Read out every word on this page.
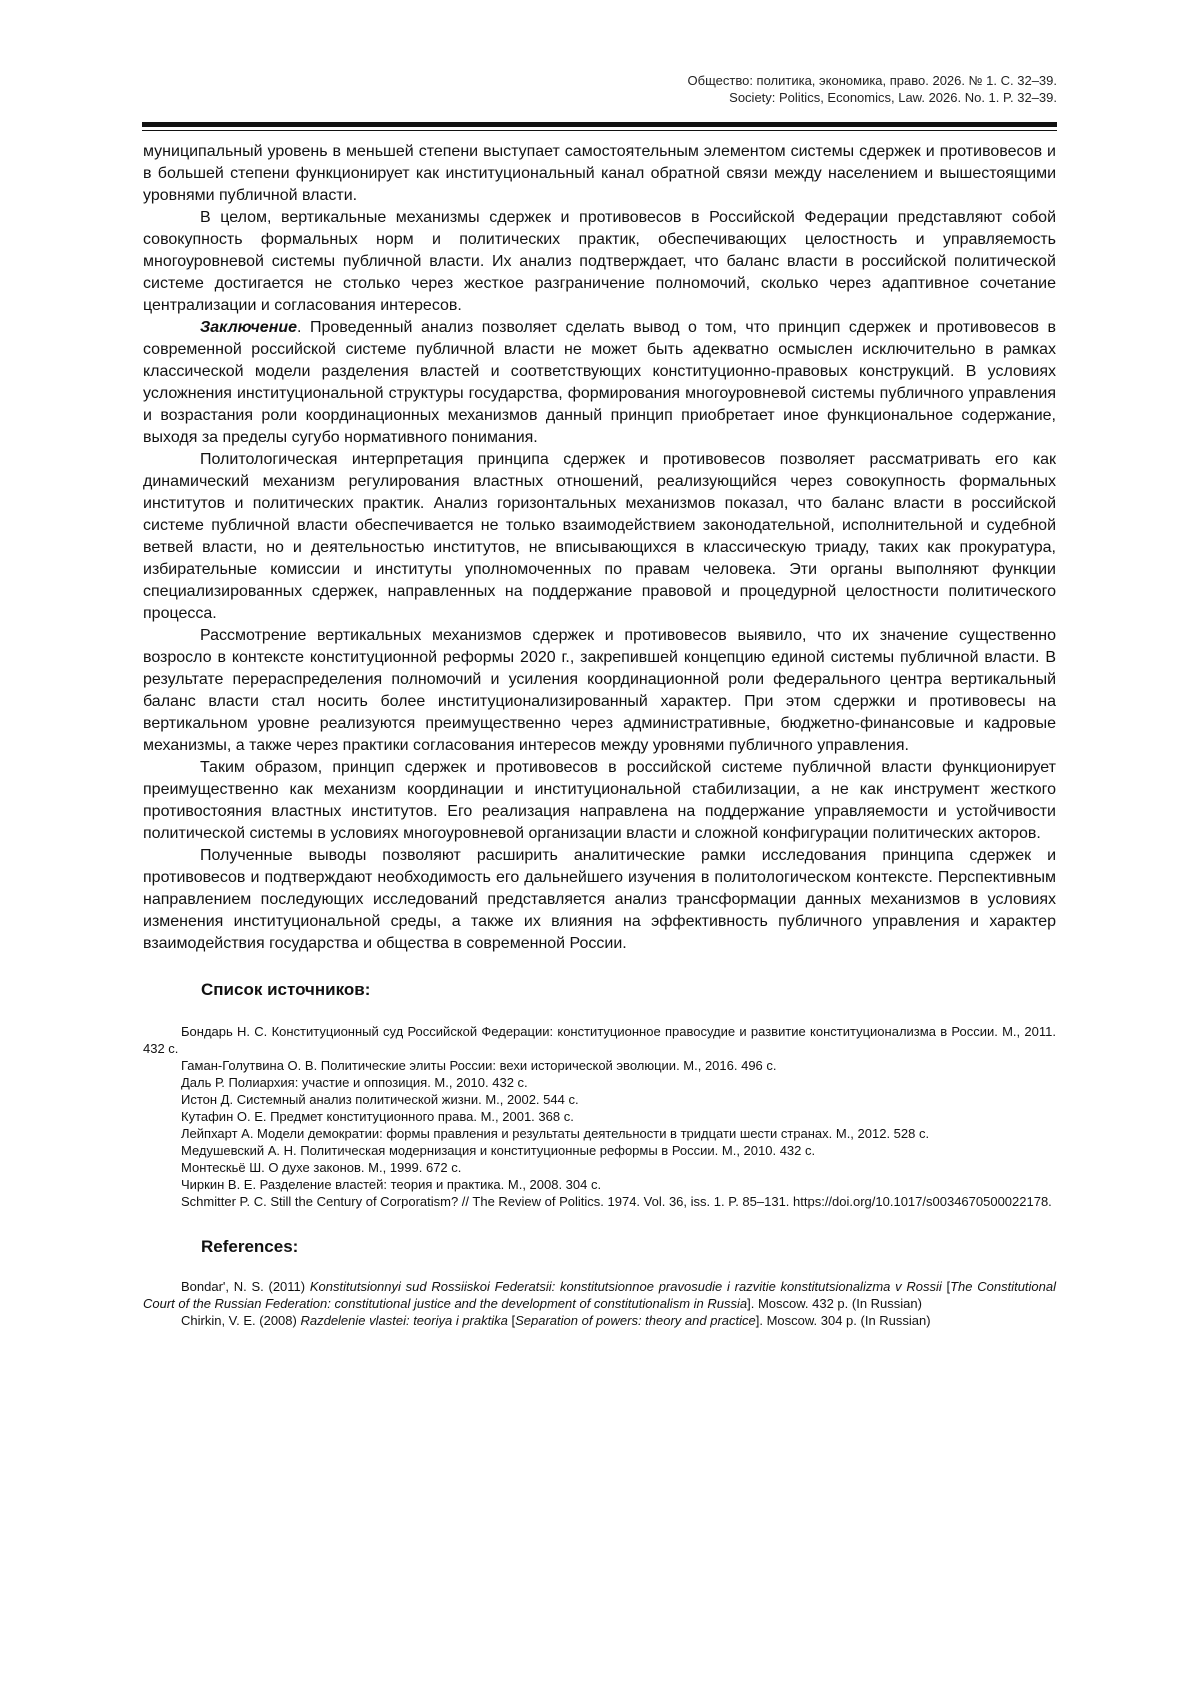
Общество: политика, экономика, право. 2026. № 1. С. 32–39.
Society: Politics, Economics, Law. 2026. No. 1. P. 32–39.

муниципальный уровень в меньшей степени выступает самостоятельным элементом системы сдержек и противовесов и в большей степени функционирует как институциональный канал обратной связи между населением и вышестоящими уровнями публичной власти.

В целом, вертикальные механизмы сдержек и противовесов в Российской Федерации представляют собой совокупность формальных норм и политических практик, обеспечивающих целостность и управляемость многоуровневой системы публичной власти. Их анализ подтверждает, что баланс власти в российской политической системе достигается не столько через жесткое разграничение полномочий, сколько через адаптивное сочетание централизации и согласования интересов.

Заключение. Проведенный анализ позволяет сделать вывод о том, что принцип сдержек и противовесов в современной российской системе публичной власти не может быть адекватно осмыслен исключительно в рамках классической модели разделения властей и соответствующих конституционно-правовых конструкций. В условиях усложнения институциональной структуры государства, формирования многоуровневой системы публичного управления и возрастания роли координационных механизмов данный принцип приобретает иное функциональное содержание, выходя за пределы сугубо нормативного понимания.

Политологическая интерпретация принципа сдержек и противовесов позволяет рассматривать его как динамический механизм регулирования властных отношений, реализующийся через совокупность формальных институтов и политических практик. Анализ горизонтальных механизмов показал, что баланс власти в российской системе публичной власти обеспечивается не только взаимодействием законодательной, исполнительной и судебной ветвей власти, но и деятельностью институтов, не вписывающихся в классическую триаду, таких как прокуратура, избирательные комиссии и институты уполномоченных по правам человека. Эти органы выполняют функции специализированных сдержек, направленных на поддержание правовой и процедурной целостности политического процесса.

Рассмотрение вертикальных механизмов сдержек и противовесов выявило, что их значение существенно возросло в контексте конституционной реформы 2020 г., закрепившей концепцию единой системы публичной власти. В результате перераспределения полномочий и усиления координационной роли федерального центра вертикальный баланс власти стал носить более институционализированный характер. При этом сдержки и противовесы на вертикальном уровне реализуются преимущественно через административные, бюджетно-финансовые и кадровые механизмы, а также через практики согласования интересов между уровнями публичного управления.

Таким образом, принцип сдержек и противовесов в российской системе публичной власти функционирует преимущественно как механизм координации и институциональной стабилизации, а не как инструмент жесткого противостояния властных институтов. Его реализация направлена на поддержание управляемости и устойчивости политической системы в условиях многоуровневой организации власти и сложной конфигурации политических акторов.

Полученные выводы позволяют расширить аналитические рамки исследования принципа сдержек и противовесов и подтверждают необходимость его дальнейшего изучения в политологическом контексте. Перспективным направлением последующих исследований представляется анализ трансформации данных механизмов в условиях изменения институциональной среды, а также их влияния на эффективность публичного управления и характер взаимодействия государства и общества в современной России.

Список источников:

Бондарь Н. С. Конституционный суд Российской Федерации: конституционное правосудие и развитие конституционализма в России. М., 2011. 432 с.

Гаман-Голутвина О. В. Политические элиты России: вехи исторической эволюции. М., 2016. 496 с.

Даль Р. Полиархия: участие и оппозиция. М., 2010. 432 с.

Истон Д. Системный анализ политической жизни. М., 2002. 544 с.

Кутафин О. Е. Предмет конституционного права. М., 2001. 368 с.

Лейпхарт А. Модели демократии: формы правления и результаты деятельности в тридцати шести странах. М., 2012. 528 с.

Медушевский А. Н. Политическая модернизация и конституционные реформы в России. М., 2010. 432 с.

Монтескьё Ш. О духе законов. М., 1999. 672 с.

Чиркин В. Е. Разделение властей: теория и практика. М., 2008. 304 с.

Schmitter P. C. Still the Century of Corporatism? // The Review of Politics. 1974. Vol. 36, iss. 1. P. 85–131. https://doi.org/10.1017/s0034670500022178.

References:

Bondar', N. S. (2011) Konstitutsionnyi sud Rossiiskoi Federatsii: konstitutsionnoe pravosudie i razvitie konstitutsionalizma v Rossii [The Constitutional Court of the Russian Federation: constitutional justice and the development of constitutionalism in Russia]. Moscow. 432 p. (In Russian)

Chirkin, V. E. (2008) Razdelenie vlastei: teoriya i praktika [Separation of powers: theory and practice]. Moscow. 304 p. (In Russian)
